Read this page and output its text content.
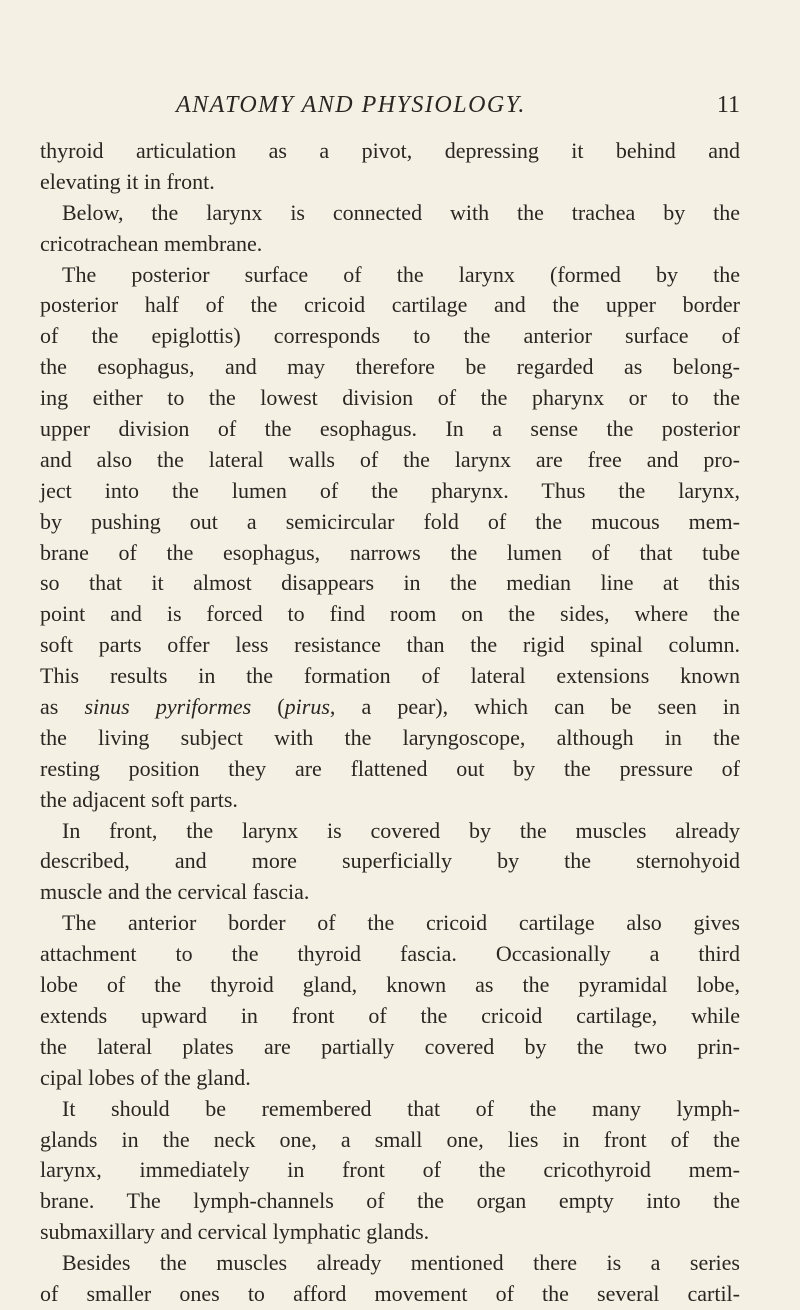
ANATOMY AND PHYSIOLOGY.	11
thyroid articulation as a pivot, depressing it behind and
elevating it in front.
Below, the larynx is connected with the trachea by the
cricotrachean membrane.
The posterior surface of the larynx (formed by the
posterior half of the cricoid cartilage and the upper border
of the epiglottis) corresponds to the anterior surface of
the esophagus, and may therefore be regarded as belong-
ing either to the lowest division of the pharynx or to the
upper division of the esophagus. In a sense the posterior
and also the lateral walls of the larynx are free and pro-
ject into the lumen of the pharynx. Thus the larynx,
by pushing out a semicircular fold of the mucous mem-
brane of the esophagus, narrows the lumen of that tube
so that it almost disappears in the median line at this
point and is forced to find room on the sides, where the
soft parts offer less resistance than the rigid spinal column.
This results in the formation of lateral extensions known
as sinus pyriformes (pirus, a pear), which can be seen in
the living subject with the laryngoscope, although in the
resting position they are flattened out by the pressure of
the adjacent soft parts.
In front, the larynx is covered by the muscles already
described, and more superficially by the sternohyoid
muscle and the cervical fascia.
The anterior border of the cricoid cartilage also gives
attachment to the thyroid fascia. Occasionally a third
lobe of the thyroid gland, known as the pyramidal lobe,
extends upward in front of the cricoid cartilage, while
the lateral plates are partially covered by the two prin-
cipal lobes of the gland.
It should be remembered that of the many lymph-
glands in the neck one, a small one, lies in front of the
larynx, immediately in front of the cricothyroid mem-
brane. The lymph-channels of the organ empty into the
submaxillary and cervical lymphatic glands.
Besides the muscles already mentioned there is a series
of smaller ones to afford movement of the several cartil-
